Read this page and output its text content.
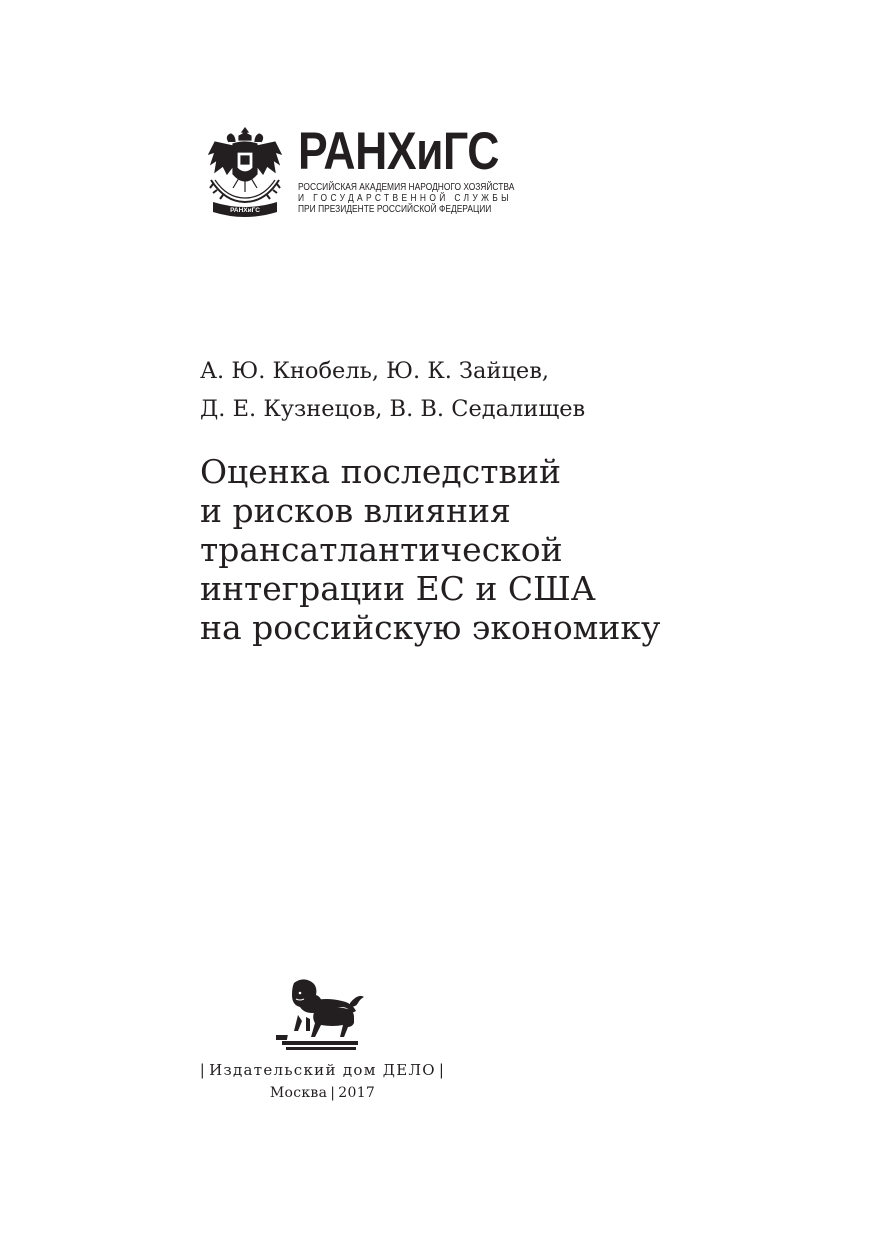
РАНХиГС
РАНХиГС
РОССИЙСКАЯ АКАДЕМИЯ НАРОДНОГО ХОЗЯЙСТВА
И ГОСУДАРСТВЕННОЙ СЛУЖБЫ
ПРИ ПРЕЗИДЕНТЕ РОССИЙСКОЙ ФЕДЕРАЦИИ
А. Ю. Кнобель, Ю. К. Зайцев,
Д. Е. Кузнецов, В. В. Седалищев
Оценка последствий
и рисков влияния
трансатлантической
интеграции ЕС и США
на российскую экономику
| Издательский дом ДЕЛО |
Москва | 2017
